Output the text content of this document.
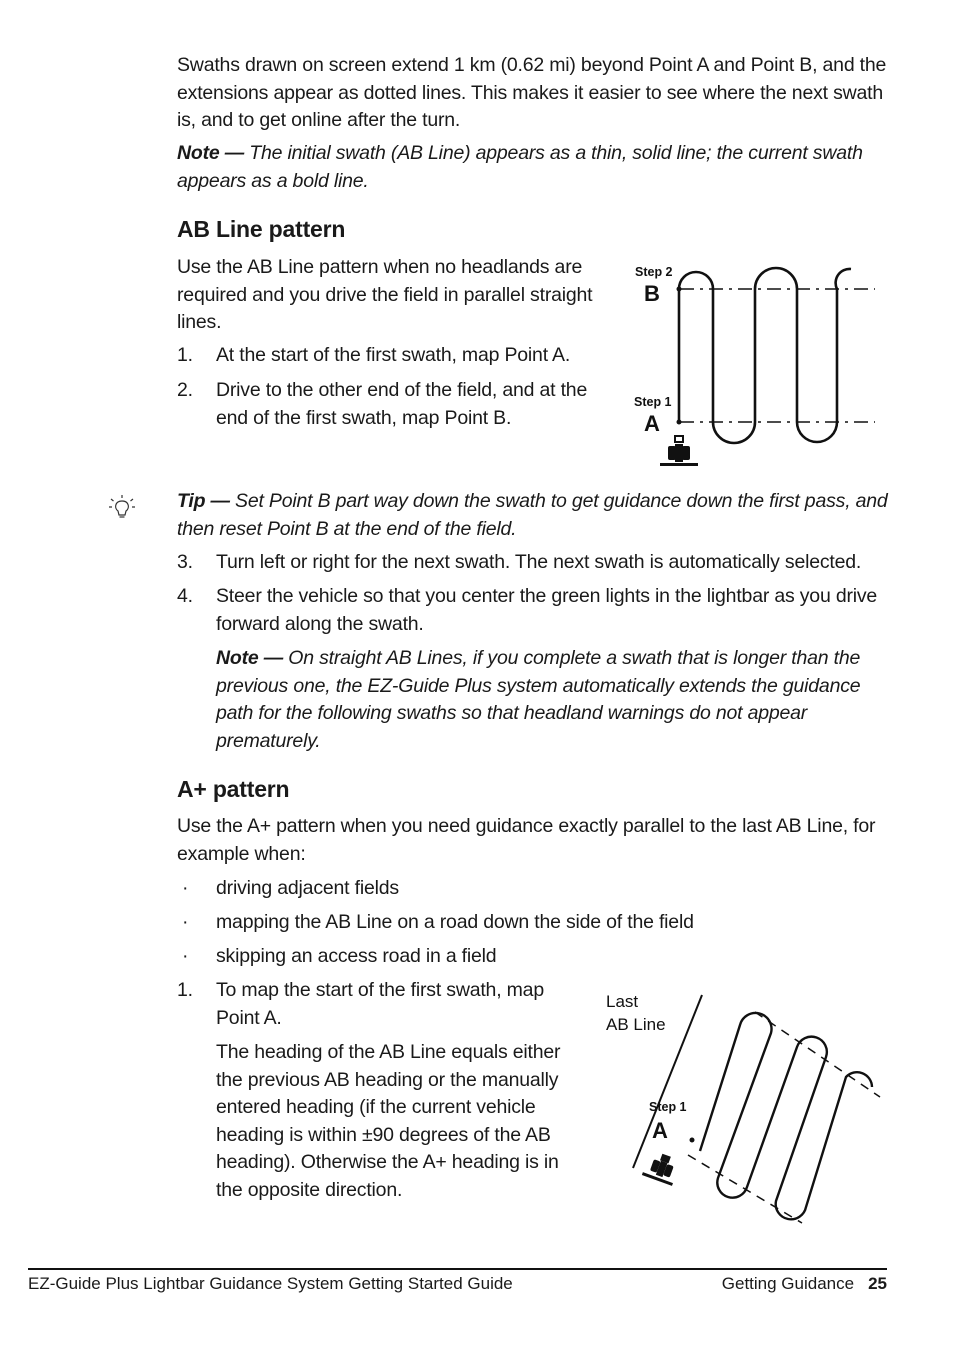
Swaths drawn on screen extend 1 km (0.62 mi) beyond Point A and Point B, and the extensions appear as dotted lines. This makes it easier to see where the next swath is, and to get online after the turn.
Note — The initial swath (AB Line) appears as a thin, solid line; the current swath appears as a bold line.
AB Line pattern
Use the AB Line pattern when no headlands are required and you drive the field in parallel straight lines.
1. At the start of the first swath, map Point A.
2. Drive to the other end of the field, and at the end of the first swath, map Point B.
Step 2
B
Step 1
A
Tip — Set Point B part way down the swath to get guidance down the first pass, and then reset Point B at the end of the field.
3. Turn left or right for the next swath. The next swath is automatically selected.
4. Steer the vehicle so that you center the green lights in the lightbar as you drive forward along the swath.
Note — On straight AB Lines, if you complete a swath that is longer than the previous one, the EZ-Guide Plus system automatically extends the guidance path for the following swaths so that headland warnings do not appear prematurely.
A+ pattern
Use the A+ pattern when you need guidance exactly parallel to the last AB Line, for example when:
· driving adjacent fields
· mapping the AB Line on a road down the side of the field
· skipping an access road in a field
1. To map the start of the first swath, map Point A.
The heading of the AB Line equals either the previous AB heading or the manually entered heading (if the current vehicle heading is within ±90 degrees of the AB heading). Otherwise the A+ heading is in the opposite direction.
Last
AB Line
Step 1
A
EZ-Guide Plus Lightbar Guidance System Getting Started Guide	Getting Guidance 25
